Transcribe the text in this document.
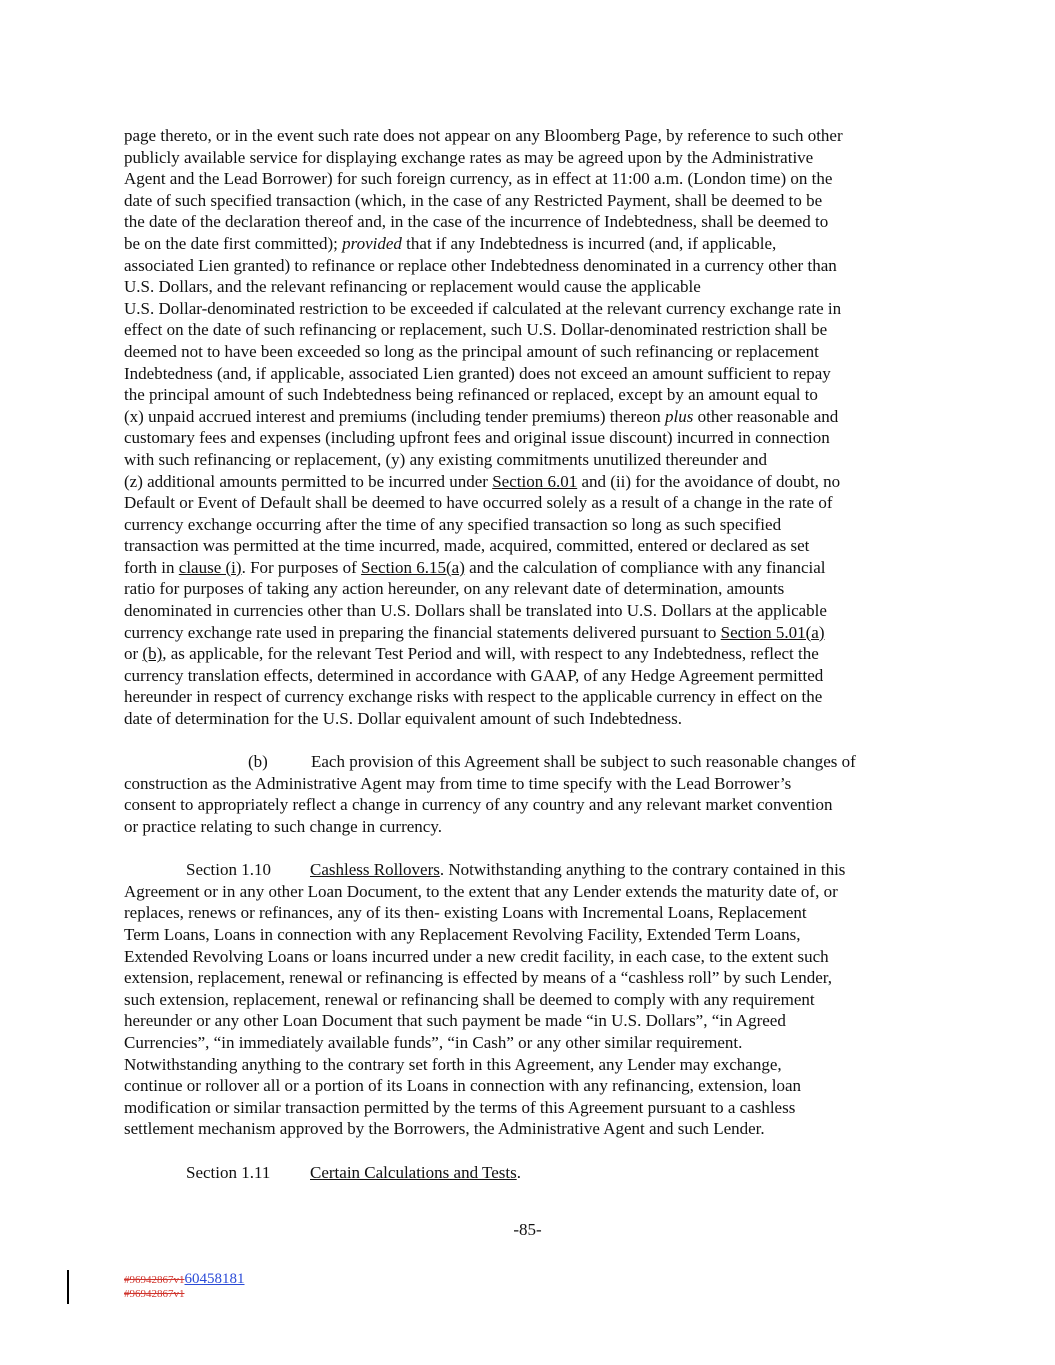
page thereto, or in the event such rate does not appear on any Bloomberg Page, by reference to such other
publicly available service for displaying exchange rates as may be agreed upon by the Administrative
Agent and the Lead Borrower) for such foreign currency, as in effect at 11:00 a.m. (London time) on the
date of such specified transaction (which, in the case of any Restricted Payment, shall be deemed to be
the date of the declaration thereof and, in the case of the incurrence of Indebtedness, shall be deemed to
be on the date first committed); provided that if any Indebtedness is incurred (and, if applicable,
associated Lien granted) to refinance or replace other Indebtedness denominated in a currency other than
U.S. Dollars, and the relevant refinancing or replacement would cause the applicable
U.S. Dollar-denominated restriction to be exceeded if calculated at the relevant currency exchange rate in
effect on the date of such refinancing or replacement, such U.S. Dollar-denominated restriction shall be
deemed not to have been exceeded so long as the principal amount of such refinancing or replacement
Indebtedness (and, if applicable, associated Lien granted) does not exceed an amount sufficient to repay
the principal amount of such Indebtedness being refinanced or replaced, except by an amount equal to
(x) unpaid accrued interest and premiums (including tender premiums) thereon plus other reasonable and
customary fees and expenses (including upfront fees and original issue discount) incurred in connection
with such refinancing or replacement, (y) any existing commitments unutilized thereunder and
(z) additional amounts permitted to be incurred under Section 6.01 and (ii) for the avoidance of doubt, no
Default or Event of Default shall be deemed to have occurred solely as a result of a change in the rate of
currency exchange occurring after the time of any specified transaction so long as such specified
transaction was permitted at the time incurred, made, acquired, committed, entered or declared as set
forth in clause (i). For purposes of Section 6.15(a) and the calculation of compliance with any financial
ratio for purposes of taking any action hereunder, on any relevant date of determination, amounts
denominated in currencies other than U.S. Dollars shall be translated into U.S. Dollars at the applicable
currency exchange rate used in preparing the financial statements delivered pursuant to Section 5.01(a)
or (b), as applicable, for the relevant Test Period and will, with respect to any Indebtedness, reflect the
currency translation effects, determined in accordance with GAAP, of any Hedge Agreement permitted
hereunder in respect of currency exchange risks with respect to the applicable currency in effect on the
date of determination for the U.S. Dollar equivalent amount of such Indebtedness.
(b)	Each provision of this Agreement shall be subject to such reasonable changes of
construction as the Administrative Agent may from time to time specify with the Lead Borrower’s
consent to appropriately reflect a change in currency of any country and any relevant market convention
or practice relating to such change in currency.
Section 1.10 Cashless Rollovers. Notwithstanding anything to the contrary contained in this
Agreement or in any other Loan Document, to the extent that any Lender extends the maturity date of, or
replaces, renews or refinances, any of its then- existing Loans with Incremental Loans, Replacement
Term Loans, Loans in connection with any Replacement Revolving Facility, Extended Term Loans,
Extended Revolving Loans or loans incurred under a new credit facility, in each case, to the extent such
extension, replacement, renewal or refinancing is effected by means of a “cashless roll” by such Lender,
such extension, replacement, renewal or refinancing shall be deemed to comply with any requirement
hereunder or any other Loan Document that such payment be made “in U.S. Dollars”, “in Agreed
Currencies”, “in immediately available funds”, “in Cash” or any other similar requirement.
Notwithstanding anything to the contrary set forth in this Agreement, any Lender may exchange,
continue or rollover all or a portion of its Loans in connection with any refinancing, extension, loan
modification or similar transaction permitted by the terms of this Agreement pursuant to a cashless
settlement mechanism approved by the Borrowers, the Administrative Agent and such Lender.
Section 1.11 Certain Calculations and Tests.
-85-
#96942867v160458181
#96942867v1
